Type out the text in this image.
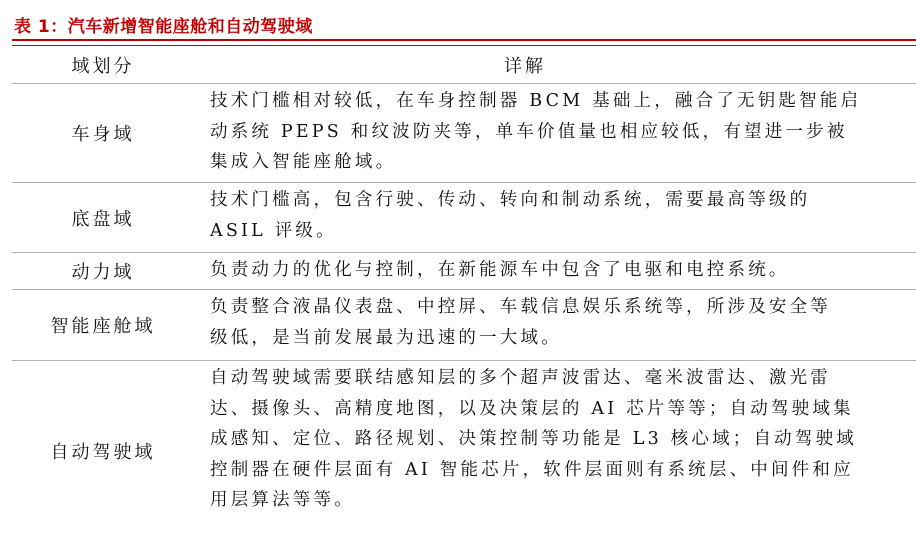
表 1：汽车新增智能座舱和自动驾驶域
域划分	详解
车身域
技术门槛相对较低，在车身控制器 BCM 基础上，融合了无钥匙智能启
动系统 PEPS 和纹波防夹等，单车价值量也相应较低，有望进一步被
集成入智能座舱域。
底盘域
技术门槛高，包含行驶、传动、转向和制动系统，需要最高等级的
ASIL 评级。
动力域	负责动力的优化与控制，在新能源车中包含了电驱和电控系统。
智能座舱域
负责整合液晶仪表盘、中控屏、车载信息娱乐系统等，所涉及安全等
级低，是当前发展最为迅速的一大域。
自动驾驶域
自动驾驶域需要联结感知层的多个超声波雷达、毫米波雷达、激光雷
达、摄像头、高精度地图，以及决策层的 AI 芯片等等；自动驾驶域集
成感知、定位、路径规划、决策控制等功能是 L3 核心域；自动驾驶域
控制器在硬件层面有 AI 智能芯片，软件层面则有系统层、中间件和应
用层算法等等。
